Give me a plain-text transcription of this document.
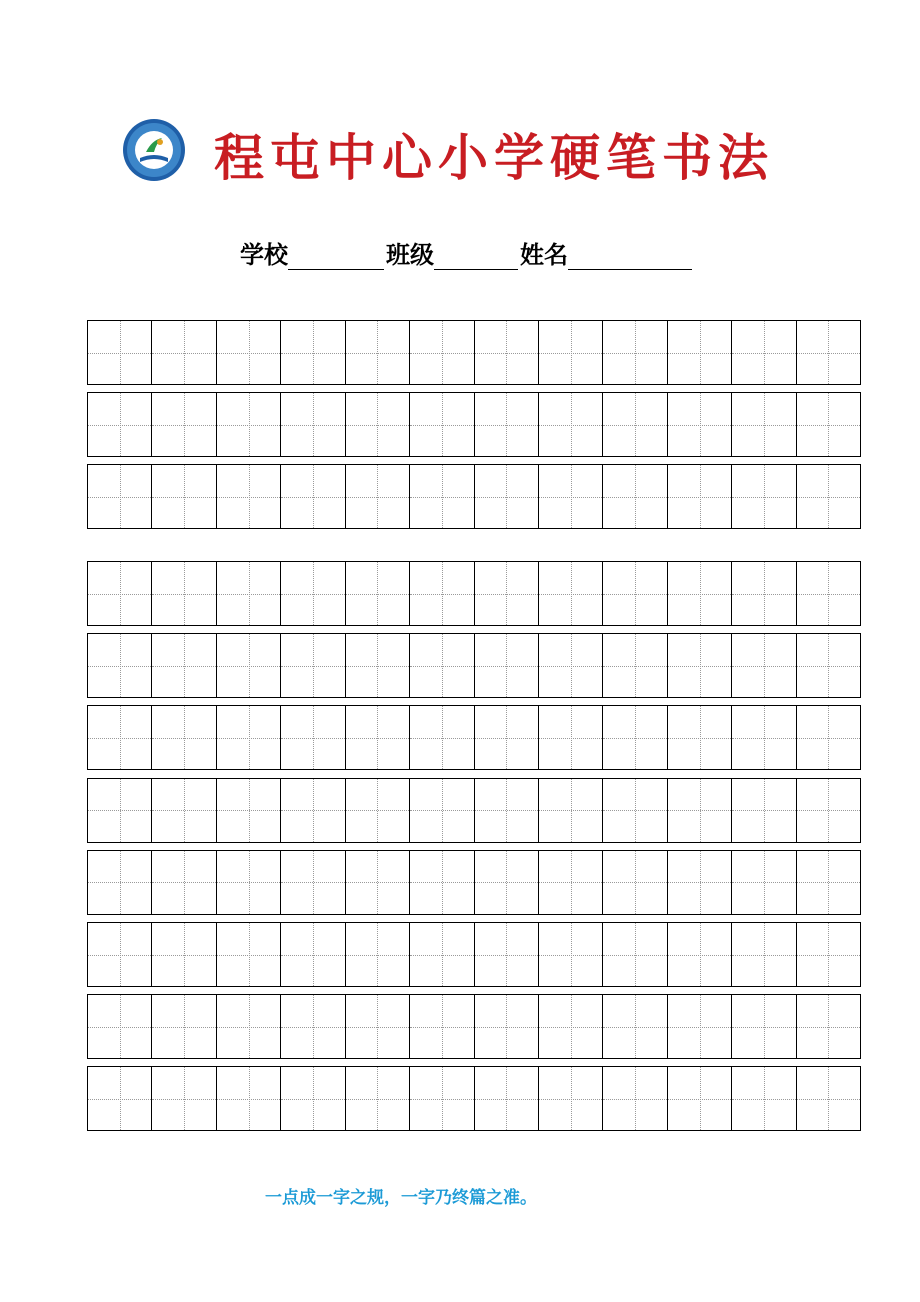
程屯中心小学硬笔书法
学校	班级	姓名
一点成一字之规，一字乃终篇之准。
